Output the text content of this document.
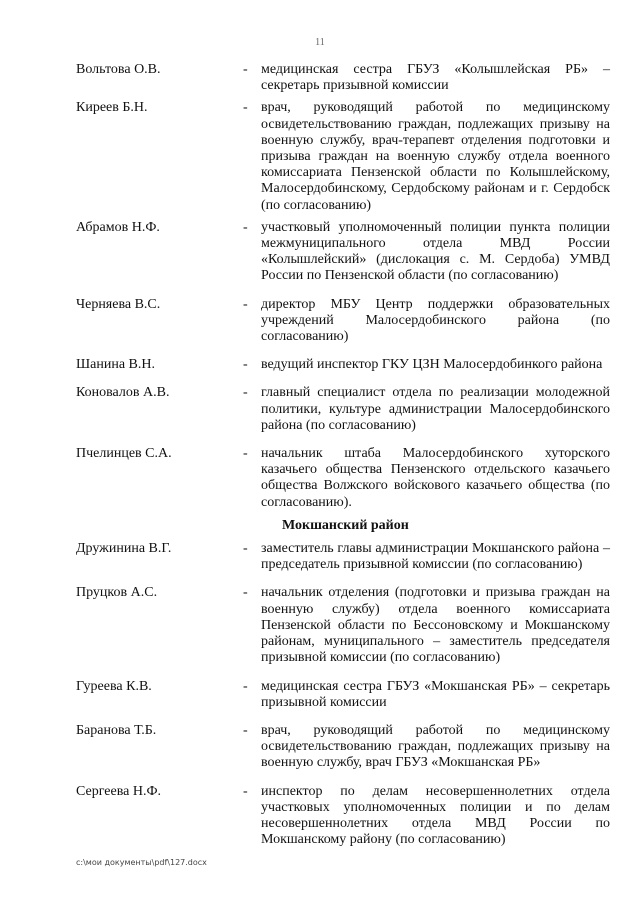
11
Вольтова О.В.	- медицинская сестра ГБУЗ «Колышлейская РБ» – секретарь призывной комиссии
Киреев Б.Н.	- врач, руководящий работой по медицинскому освидетельствованию граждан, подлежащих призыву на военную службу, врач-терапевт отделения подготовки и призыва граждан на военную службу отдела военного комиссариата Пензенской области по Колышлейскому, Малосердобинскому, Сердобскому районам и г. Сердобск (по согласованию)
Абрамов Н.Ф.	- участковый уполномоченный полиции пункта полиции межмуниципального отдела МВД России «Колышлейский» (дислокация с. М. Сердоба) УМВД России по Пензенской области (по согласованию)
Черняева В.С.	- директор МБУ Центр поддержки образовательных учреждений Малосердобинского района (по согласованию)
Шанина В.Н.	- ведущий инспектор ГКУ ЦЗН Малосердобинкого района
Коновалов А.В.	- главный специалист отдела по реализации молодежной политики, культуре администрации Малосердобинского района (по согласованию)
Пчелинцев С.А.	- начальник штаба Малосердобинского хуторского казачьего общества Пензенского отдельского казачьего общества Волжского войскового казачьего общества (по согласованию).
Мокшанский район
Дружинина В.Г.	- заместитель главы администрации Мокшанского района – председатель призывной комиссии (по согласованию)
Пруцков А.С.	- начальник отделения (подготовки и призыва граждан на военную службу) отдела военного комиссариата Пензенской области по Бессоновскому и Мокшанскому районам, муниципального – заместитель председателя призывной комиссии (по согласованию)
Гуреева К.В.	- медицинская сестра ГБУЗ «Мокшанская РБ» – секретарь призывной комиссии
Баранова Т.Б.	- врач, руководящий работой по медицинскому освидетельствованию граждан, подлежащих призыву на военную службу, врач ГБУЗ «Мокшанская РБ»
Сергеева Н.Ф.	- инспектор по делам несовершеннолетних отдела участковых уполномоченных полиции и по делам несовершеннолетних отдела МВД России по Мокшанскому району (по согласованию)
c:\мои документы\pdf\127.docx
